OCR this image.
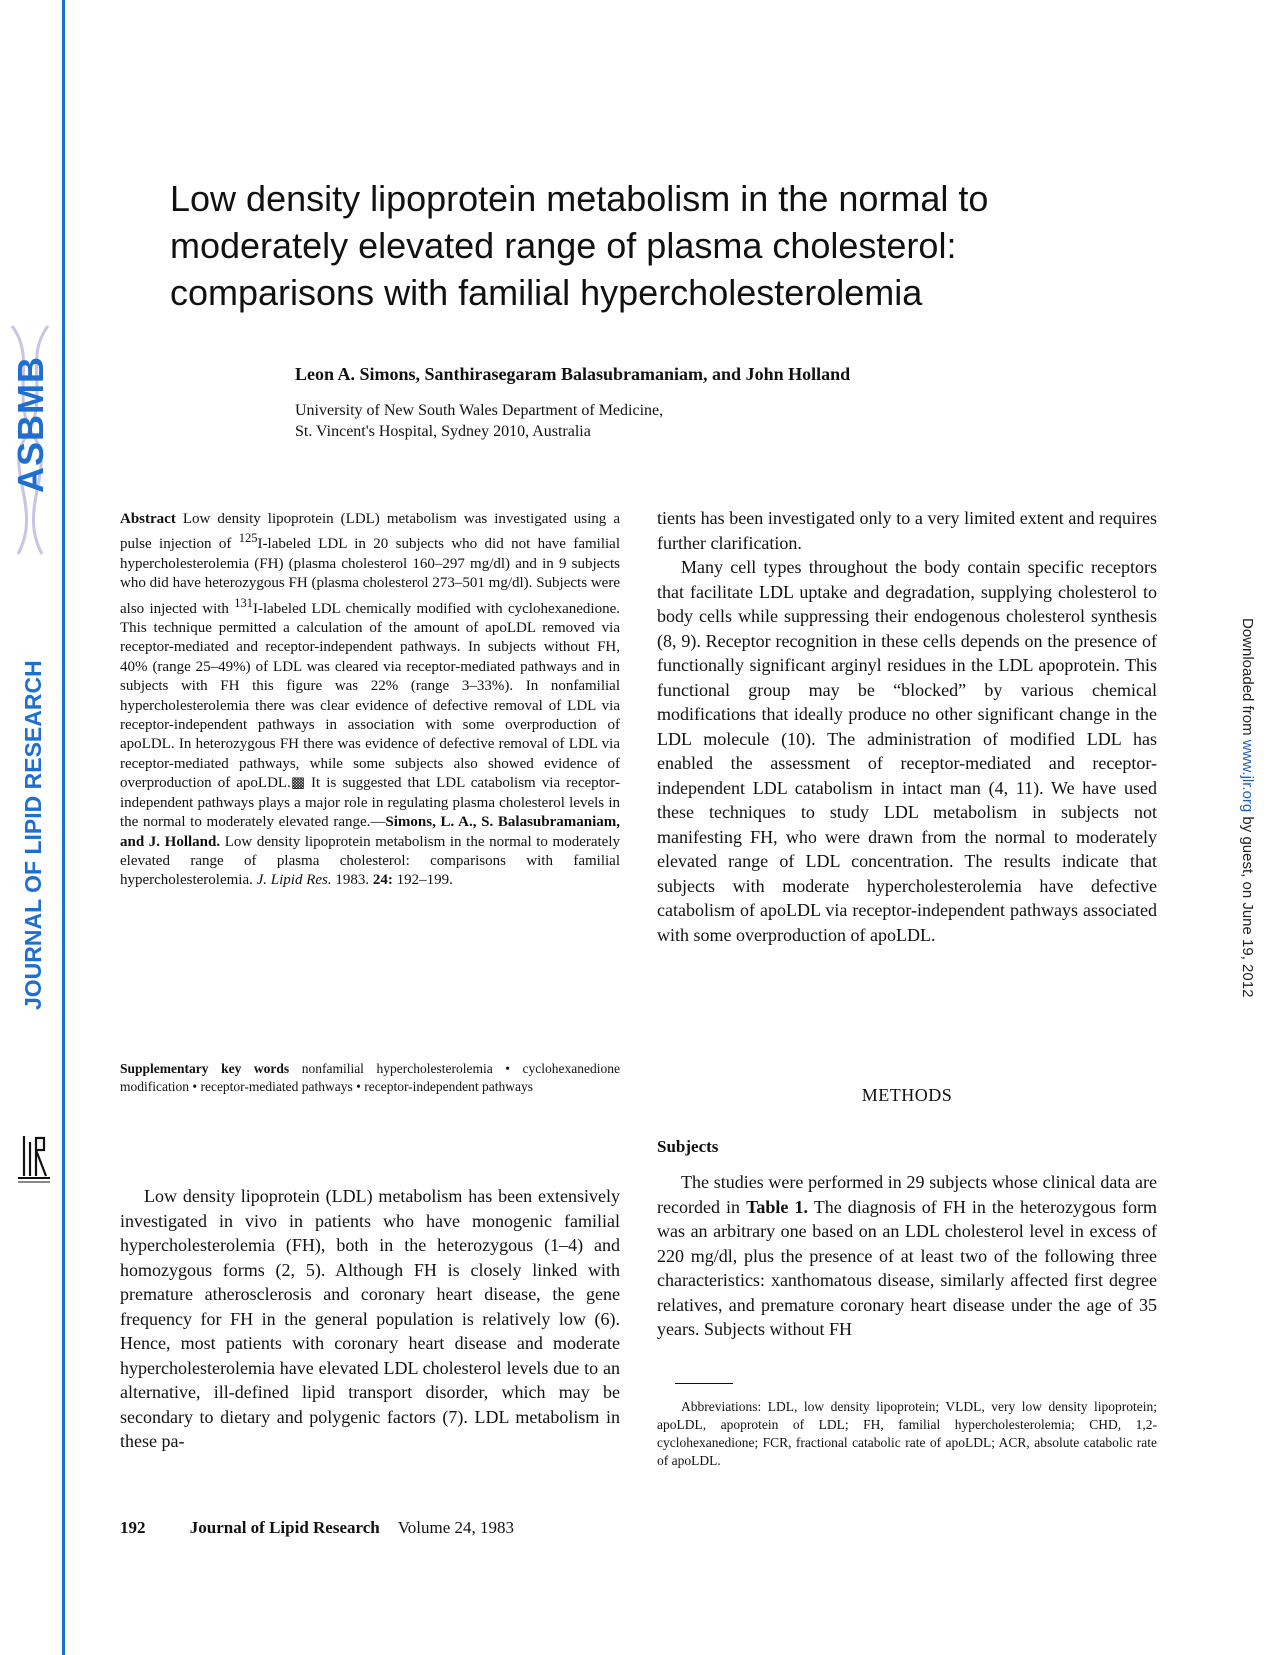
ASBMB
JOURNAL OF LIPID RESEARCH
JLR
Downloaded from www.jlr.org by guest, on June 19, 2012
Low density lipoprotein metabolism in the normal to
moderately elevated range of plasma cholesterol:
comparisons with familial hypercholesterolemia
Leon A. Simons, Santhirasegaram Balasubramaniam, and John Holland
University of New South Wales Department of Medicine,
St. Vincent's Hospital, Sydney 2010, Australia

Abstract Low density lipoprotein (LDL) metabolism was investigated using a pulse injection of $^{125}$I-labeled LDL in 20 subjects who did not have familial hypercholesterolemia (FH) (plasma cholesterol 160–297 mg/dl) and in 9 subjects who did have heterozygous FH (plasma cholesterol 273–501 mg/dl). Subjects were also injected with $^{131}$I-labeled LDL chemically modified with cyclohexanedione. This technique permitted a calculation of the amount of apoLDL removed via receptor-mediated and receptor-independent pathways. In subjects without FH, 40% (range 25–49%) of LDL was cleared via receptor-mediated pathways and in subjects with FH this figure was 22% (range 3–33%). In nonfamilial hypercholesterolemia there was clear evidence of defective removal of LDL via receptor-independent pathways in association with some overproduction of apoLDL. In heterozygous FH there was evidence of defective removal of LDL via receptor-mediated pathways, while some subjects also showed evidence of overproduction of apoLDL.▩ It is suggested that LDL catabolism via receptor-independent pathways plays a major role in regulating plasma cholesterol levels in the normal to moderately elevated range.—Simons, L. A., S. Balasubramaniam, and J. Holland. Low density lipoprotein metabolism in the normal to moderately elevated range of plasma cholesterol: comparisons with familial hypercholesterolemia. J. Lipid Res. 1983. 24: 192–199.

Supplementary key words nonfamilial hypercholesterolemia • cyclohexanedione modification • receptor-mediated pathways • receptor-independent pathways

Low density lipoprotein (LDL) metabolism has been extensively investigated in vivo in patients who have monogenic familial hypercholesterolemia (FH), both in the heterozygous (1–4) and homozygous forms (2, 5). Although FH is closely linked with premature atherosclerosis and coronary heart disease, the gene frequency for FH in the general population is relatively low (6). Hence, most patients with coronary heart disease and moderate hypercholesterolemia have elevated LDL cholesterol levels due to an alternative, ill-defined lipid transport disorder, which may be secondary to dietary and polygenic factors (7). LDL metabolism in these pa-

tients has been investigated only to a very limited extent and requires further clarification.

Many cell types throughout the body contain specific receptors that facilitate LDL uptake and degradation, supplying cholesterol to body cells while suppressing their endogenous cholesterol synthesis (8, 9). Receptor recognition in these cells depends on the presence of functionally significant arginyl residues in the LDL apoprotein. This functional group may be “blocked” by various chemical modifications that ideally produce no other significant change in the LDL molecule (10). The administration of modified LDL has enabled the assessment of receptor-mediated and receptor-independent LDL catabolism in intact man (4, 11). We have used these techniques to study LDL metabolism in subjects not manifesting FH, who were drawn from the normal to moderately elevated range of LDL concentration. The results indicate that subjects with moderate hypercholesterolemia have defective catabolism of apoLDL via receptor-independent pathways associated with some overproduction of apoLDL.

METHODS
Subjects

The studies were performed in 29 subjects whose clinical data are recorded in Table 1. The diagnosis of FH in the heterozygous form was an arbitrary one based on an LDL cholesterol level in excess of 220 mg/dl, plus the presence of at least two of the following three characteristics: xanthomatous disease, similarly affected first degree relatives, and premature coronary heart disease under the age of 35 years. Subjects without FH

Abbreviations: LDL, low density lipoprotein; VLDL, very low density lipoprotein; apoLDL, apoprotein of LDL; FH, familial hypercholesterolemia; CHD, 1,2-cyclohexanedione; FCR, fractional catabolic rate of apoLDL; ACR, absolute catabolic rate of apoLDL.

192	Journal of Lipid Research Volume 24, 1983
